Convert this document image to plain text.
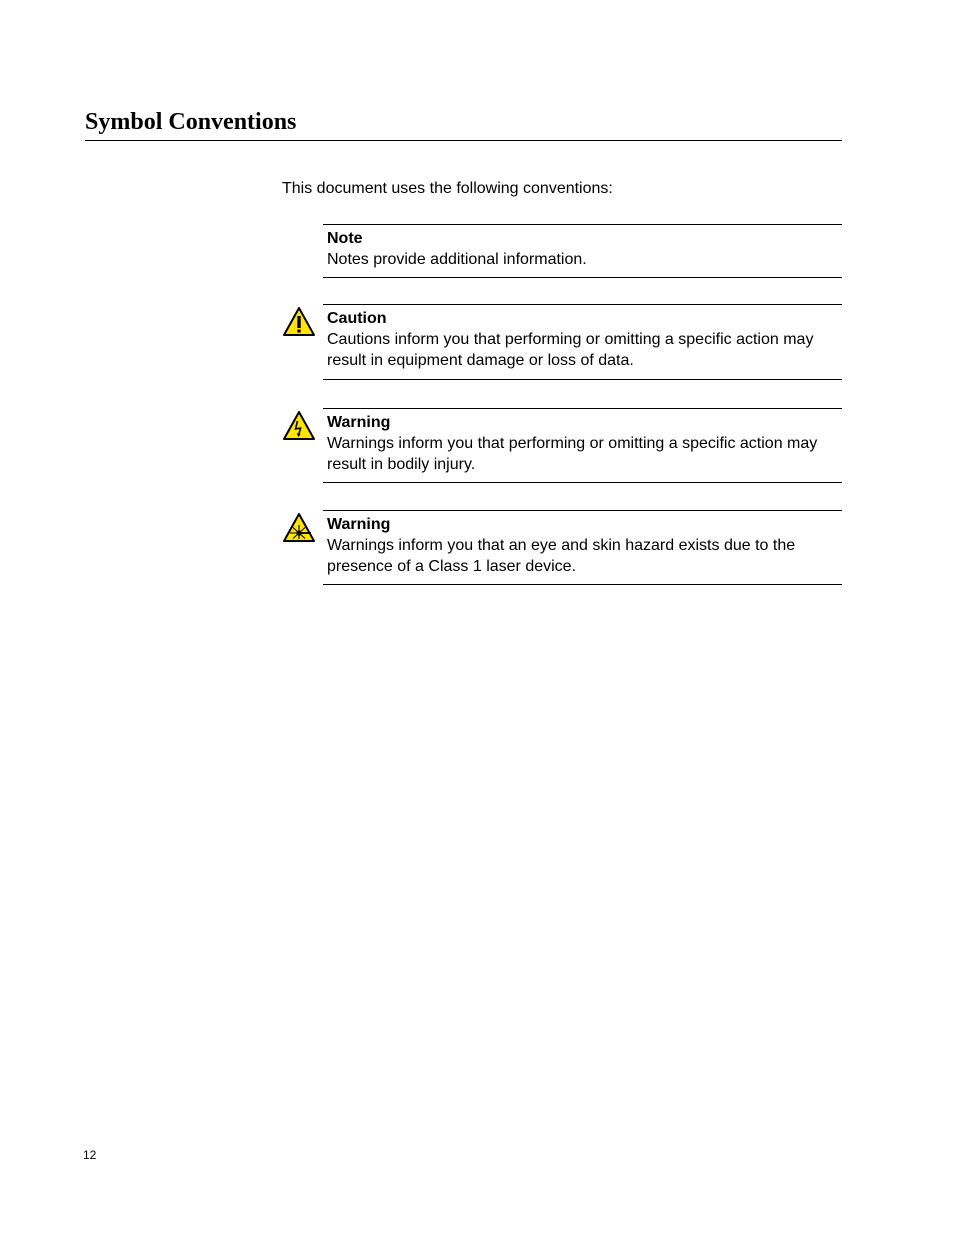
Symbol Conventions

This document uses the following conventions:

Note
Notes provide additional information.
Caution
Cautions inform you that performing or omitting a specific action may result in equipment damage or loss of data.
Warning
Warnings inform you that performing or omitting a specific action may result in bodily injury.
Warning
Warnings inform you that an eye and skin hazard exists due to the presence of a Class 1 laser device.
12
